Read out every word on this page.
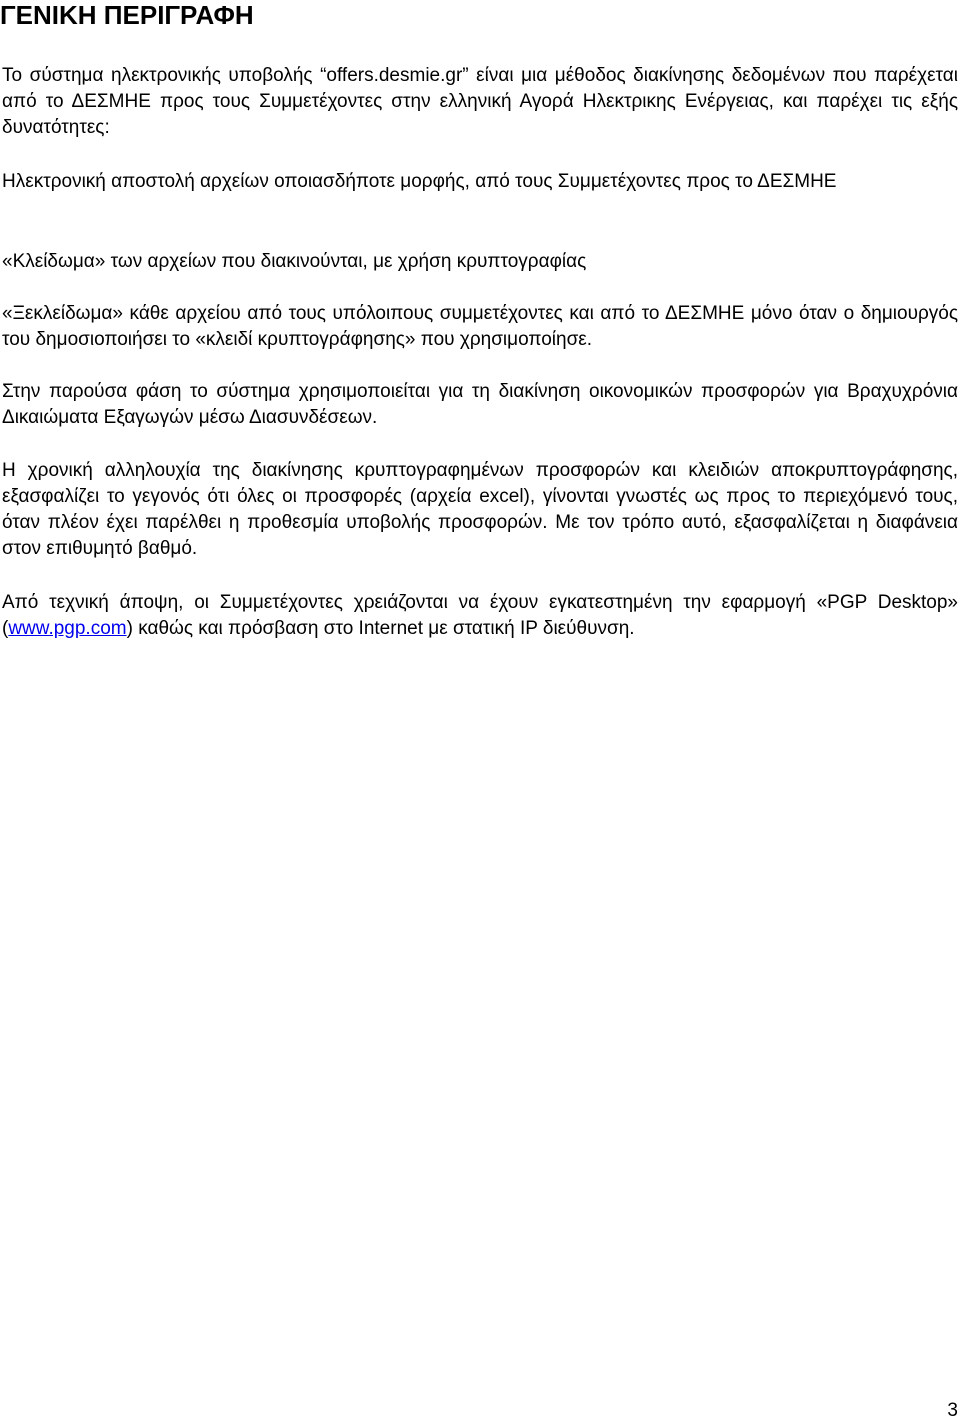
ΓΕΝΙΚΗ ΠΕΡΙΓΡΑΦΗ

Το σύστημα ηλεκτρονικής υποβολής “offers.desmie.gr” είναι μια μέθοδος διακίνησης δεδομένων που παρέχεται από το ΔΕΣΜΗΕ προς τους Συμμετέχοντες στην ελληνική Αγορά Ηλεκτρικης Ενέργειας, και παρέχει τις εξής δυνατότητες:

Ηλεκτρονική αποστολή αρχείων οποιασδήποτε μορφής, από τους Συμμετέχοντες προς το ΔΕΣΜΗΕ

«Κλείδωμα» των αρχείων που διακινούνται, με χρήση κρυπτογραφίας

«Ξεκλείδωμα» κάθε αρχείου από τους υπόλοιπους συμμετέχοντες και από το ΔΕΣΜΗΕ μόνο όταν ο δημιουργός του δημοσιοποιήσει το «κλειδί κρυπτογράφησης» που χρησιμοποίησε.

Στην παρούσα φάση το σύστημα χρησιμοποιείται για τη διακίνηση οικονομικών προσφορών για Βραχυχρόνια Δικαιώματα Εξαγωγών μέσω Διασυνδέσεων.

Η χρονική αλληλουχία της διακίνησης κρυπτογραφημένων προσφορών και κλειδιών αποκρυπτογράφησης, εξασφαλίζει το γεγονός ότι όλες οι προσφορές (αρχεία excel), γίνονται γνωστές ως προς το περιεχόμενό τους, όταν πλέον έχει παρέλθει η προθεσμία υποβολής προσφορών. Με τον τρόπο αυτό, εξασφαλίζεται η διαφάνεια στον επιθυμητό βαθμό.

Από τεχνική άποψη, οι Συμμετέχοντες χρειάζονται να έχουν εγκατεστημένη την εφαρμογή «PGP Desktop» (www.pgp.com) καθώς και πρόσβαση στο Internet με στατική IP διεύθυνση.

3
